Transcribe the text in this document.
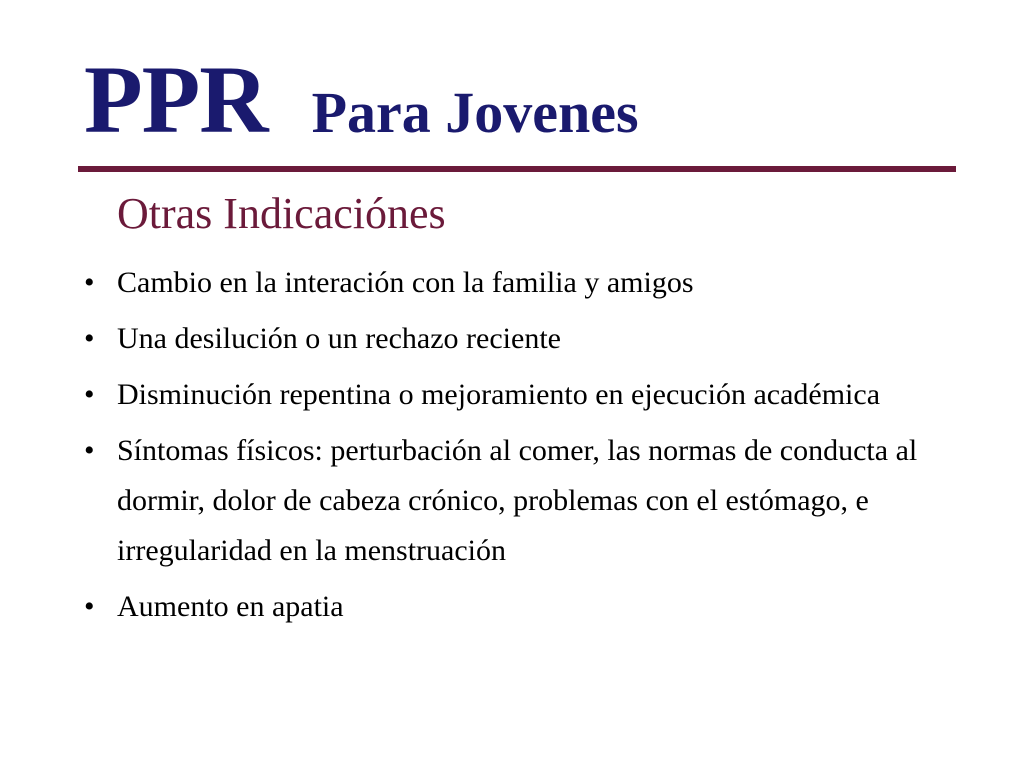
PPR Para Jovenes
Otras Indicaciónes
• Cambio en la interación con la familia y amigos
• Una desilución o un rechazo reciente
• Disminución repentina o mejoramiento en ejecución académica
• Síntomas físicos: perturbación al comer, las normas de conducta al dormir, dolor de cabeza crónico, problemas con el estómago, e irregularidad en la menstruación
• Aumento en apatia
